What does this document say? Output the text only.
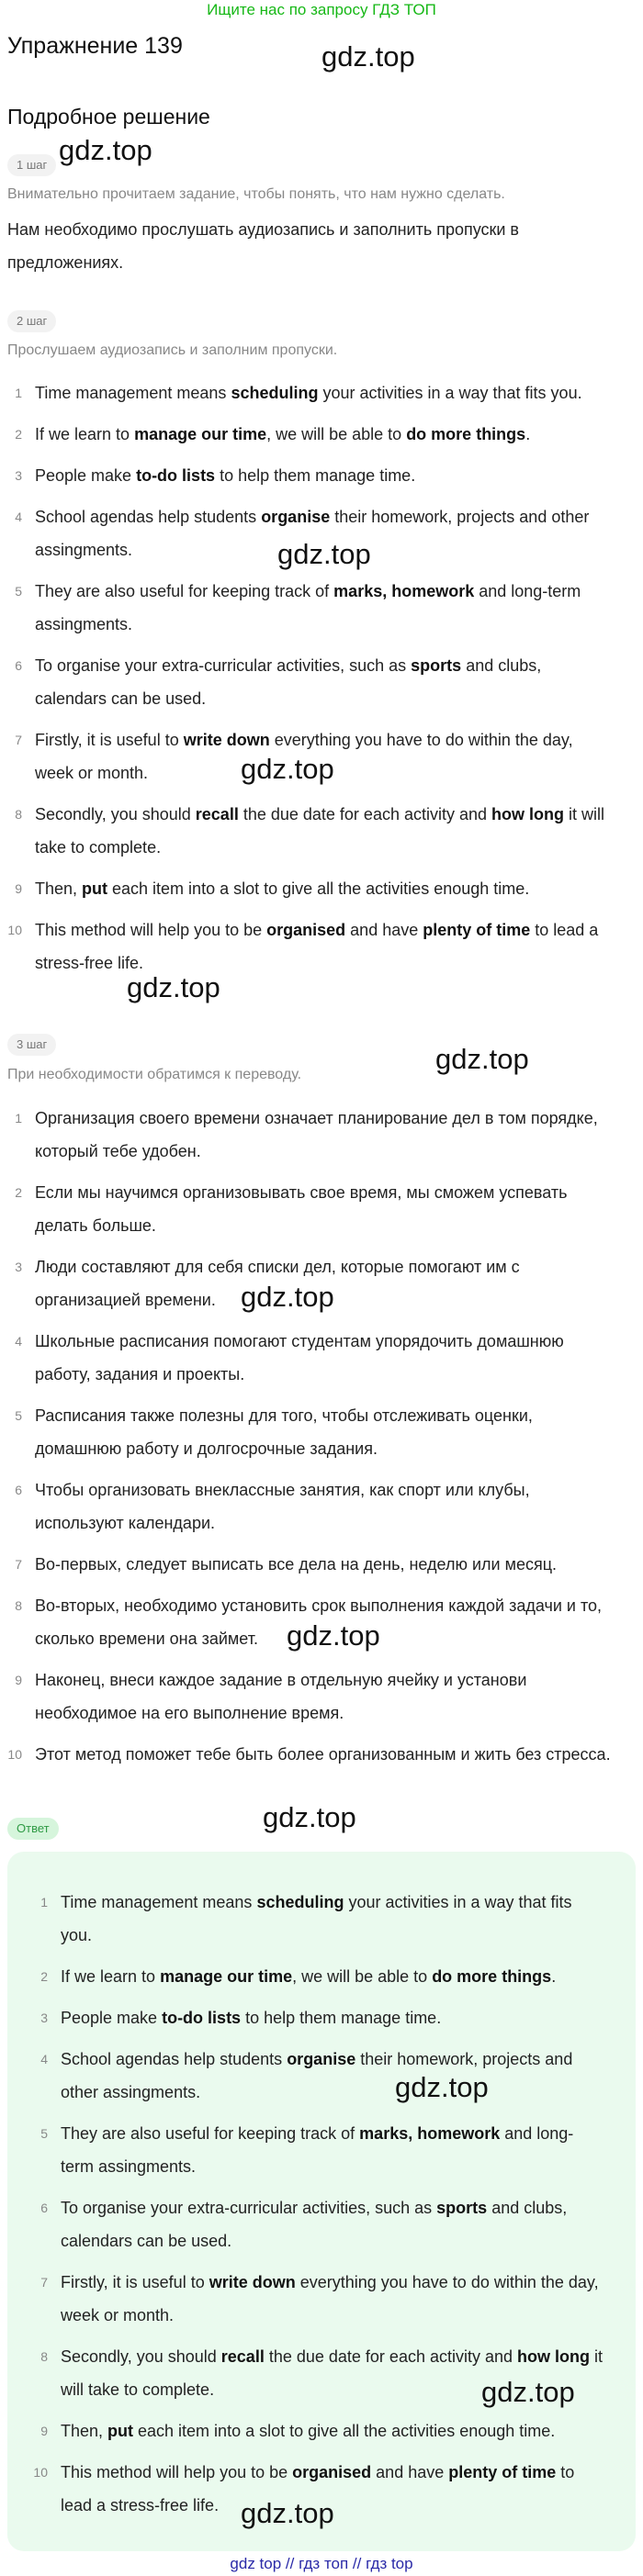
Ищите нас по запросу ГДЗ ТОП
Упражнение 139	gdz.top
Подробное решение
gdz.top
1 шаг
Внимательно прочитаем задание, чтобы понять, что нам нужно сделать.
Нам необходимо прослушать аудиозапись и заполнить пропуски в предложениях.
2 шаг
Прослушаем аудиозапись и заполним пропуски.
1 Time management means scheduling your activities in a way that fits you.
2 If we learn to manage our time, we will be able to do more things.
3 People make to-do lists to help them manage time.
4 School agendas help students organise their homework, projects and other assingments.
5 They are also useful for keeping track of marks, homework and long-term assingments.
6 To organise your extra-curricular activities, such as sports and clubs, calendars can be used.
7 Firstly, it is useful to write down everything you have to do within the day, week or month.
8 Secondly, you should recall the due date for each activity and how long it will take to complete.
9 Then, put each item into a slot to give all the activities enough time.
10 This method will help you to be organised and have plenty of time to lead a stress-free life.
gdz.top
gdz.top
gdz.top
3 шаг	gdz.top
При необходимости обратимся к переводу.
1 Организация своего времени означает планирование дел в том порядке, который тебе удобен.
2 Если мы научимся организовывать свое время, мы сможем успевать делать больше.
3 Люди составляют для себя списки дел, которые помогают им с организацией времени.
4 Школьные расписания помогают студентам упорядочить домашнюю работу, задания и проекты.
5 Расписания также полезны для того, чтобы отслеживать оценки, домашнюю работу и долгосрочные задания.
6 Чтобы организовать внеклассные занятия, как спорт или клубы, используют календари.
7 Во-первых, следует выписать все дела на день, неделю или месяц.
8 Во-вторых, необходимо установить срок выполнения каждой задачи и то, сколько времени она займет.
9 Наконец, внеси каждое задание в отдельную ячейку и установи необходимое на его выполнение время.
10 Этот метод поможет тебе быть более организованным и жить без стресса.
gdz.top
gdz.top
Ответ	gdz.top
1 Time management means scheduling your activities in a way that fits you.
2 If we learn to manage our time, we will be able to do more things.
3 People make to-do lists to help them manage time.
4 School agendas help students organise their homework, projects and other assingments.
5 They are also useful for keeping track of marks, homework and long-term assingments.
6 To organise your extra-curricular activities, such as sports and clubs, calendars can be used.
7 Firstly, it is useful to write down everything you have to do within the day, week or month.
8 Secondly, you should recall the due date for each activity and how long it will take to complete.
9 Then, put each item into a slot to give all the activities enough time.
10 This method will help you to be organised and have plenty of time to lead a stress-free life.
gdz.top
gdz.top
gdz.top
gdz top // гдз топ // гдз top
